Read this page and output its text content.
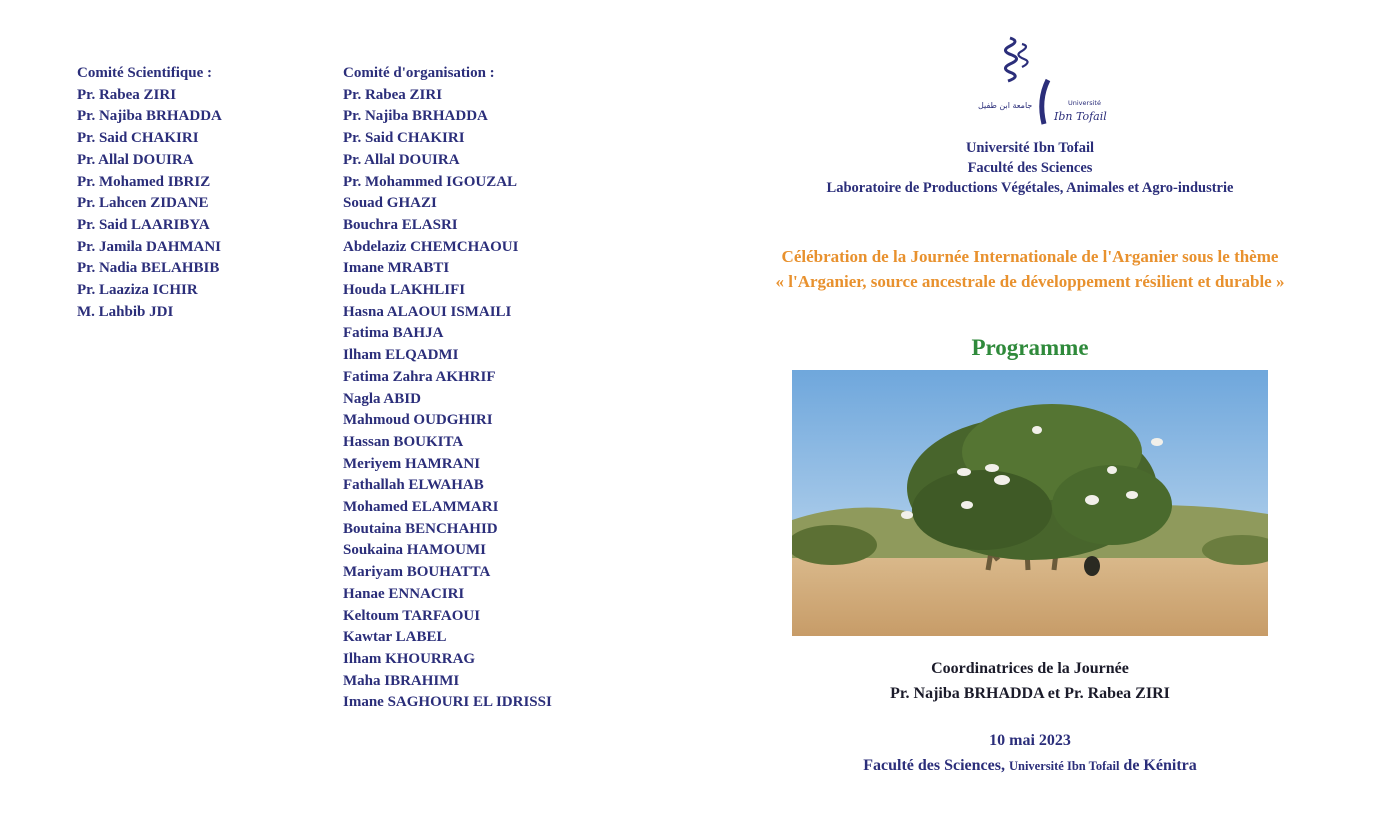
Comité Scientifique :
Pr. Rabea ZIRI
Pr. Najiba BRHADDA
Pr. Said CHAKIRI
Pr. Allal DOUIRA
Pr. Mohamed IBRIZ
Pr. Lahcen ZIDANE
Pr. Said LAARIBYA
Pr. Jamila DAHMANI
Pr. Nadia BELAHBIB
Pr. Laaziza ICHIR
M. Lahbib JDI
Comité d'organisation :
Pr. Rabea ZIRI
Pr. Najiba BRHADDA
Pr. Said CHAKIRI
Pr. Allal DOUIRA
Pr. Mohammed IGOUZAL
Souad GHAZI
Bouchra ELASRI
Abdelaziz CHEMCHAOUI
Imane MRABTI
Houda LAKHLIFI
Hasna ALAOUI ISMAILI
Fatima BAHJA
Ilham ELQADMI
Fatima Zahra AKHRIF
Nagla ABID
Mahmoud OUDGHIRI
Hassan BOUKITA
Meriyem HAMRANI
Fathallah ELWAHAB
Mohamed ELAMMARI
Boutaina BENCHAHID
Soukaina HAMOUMI
Mariyam BOUHATTA
Hanae ENNACIRI
Keltoum TARFAOUI
Kawtar LABEL
Ilham KHOURRAG
Maha IBRAHIMI
Imane SAGHOURI EL IDRISSI
جامعة ابن طفيل	Université
Ibn Tofail
Université Ibn Tofail
Faculté des Sciences
Laboratoire de Productions Végétales, Animales et Agro-industrie
Célébration de la Journée Internationale de l'Arganier sous le thème
« l'Arganier, source ancestrale de développement résilient et durable »
Programme
Coordinatrices de la Journée
Pr. Najiba BRHADDA et Pr. Rabea ZIRI
10 mai 2023
Faculté des Sciences, Université Ibn Tofail de Kénitra
